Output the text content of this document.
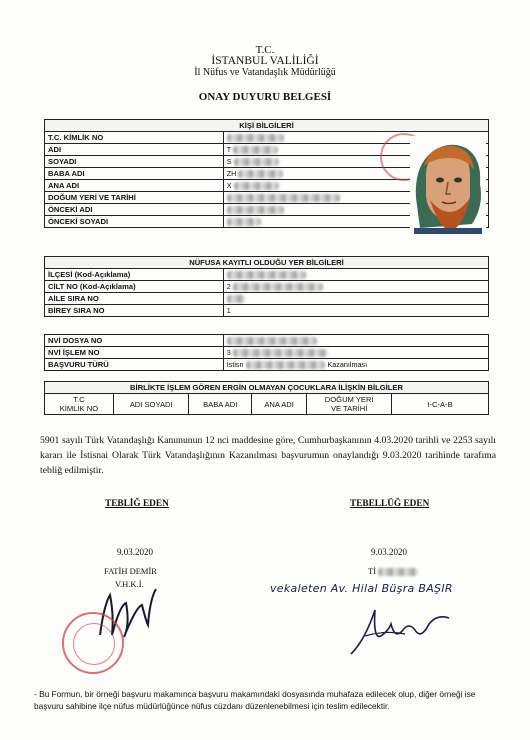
T.C.
İSTANBUL VALİLİĞİ
İl Nüfus ve Vatandaşlık Müdürlüğü
ONAY DUYURU BELGESİ
KİŞİ BİLGİLERİ	
T.C. KİMLİK NO	
ADI	T
SOYADI	S
BABA ADI	ZH
ANA ADI	X
DOĞUM YERİ VE TARİHİ	
ÖNCEKİ ADI	
ÖNCEKİ SOYADI	
NÜFUSA KAYITLI OLDUĞU YER BİLGİLERİ	
İLÇESİ (Kod-Açıklama)	
CİLT NO (Kod-Açıklama)	2
AİLE SIRA NO	
BİREY SIRA NO	1
NVİ DOSYA NO	
NVİ İŞLEM NO	3
BAŞVURU TÜRÜ	İstisn Kazanılması
BİRLİKTE İŞLEM GÖREN ERGİN OLMAYAN ÇOCUKLARA İLİŞKİN BİLGİLER

T.C
KİMLİK NO	ADI SOYADI	BABA ADI	ANA ADI	DOĞUM YERİ
VE TARİHİ	I-C-A-B
5901 sayılı Türk Vatandaşlığı Kanununun 12 nci maddesine göre, Cumhurbaşkanının 4.03.2020 tarihli ve 2253 sayılı kararı ile İstisnai Olarak Türk Vatandaşlığının Kazanılması başvurumun onaylandığı 9.03.2020 tarihinde tarafıma tebliğ edilmiştir.
TEBLİĞ EDEN	TEBELLÜĞ EDEN
9.03.2020	9.03.2020
FATİH DEMİR
V.H.K.İ.
Tİ
vekaleten Av. Hilal Büşra BAŞIR
- Bu Formun, bir örneği başvuru makamınca başvuru makamındaki dosyasında muhafaza edilecek olup, diğer örneği ise başvuru sahibine ilçe nüfus müdürlüğünce nüfus cüzdanı düzenlenebilmesi için teslim edilecektir.
